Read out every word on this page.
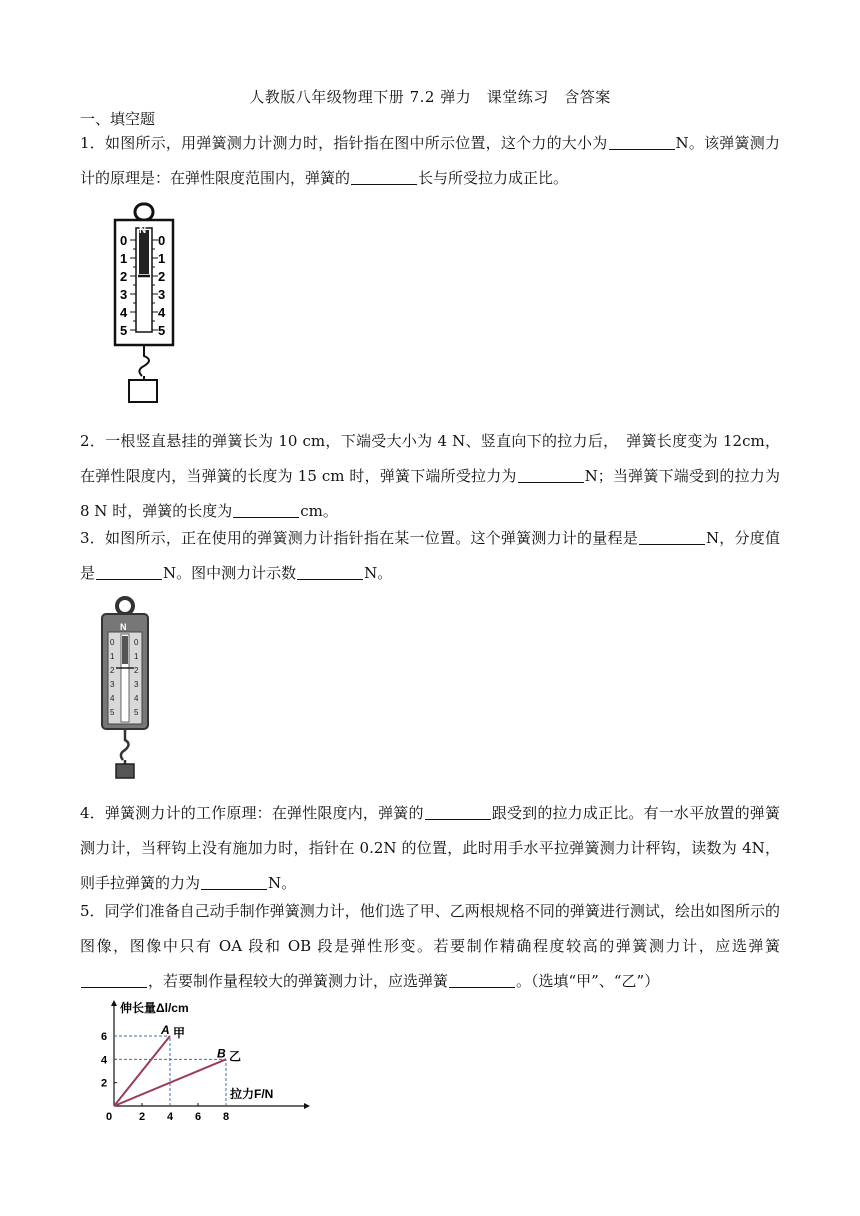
人教版八年级物理下册 7.2 弹力　课堂练习　含答案
一、填空题
1．如图所示，用弹簧测力计测力时，指针指在图中所示位置，这个力的大小为	N。该弹簧测力计的原理是：在弹性限度范围内，弹簧的	长与所受拉力成正比。
N
0
1
2
3
4
5
0
1
2
3
4
5
2．一根竖直悬挂的弹簧长为 10 cm，下端受大小为 4 N、竖直向下的拉力后，　弹簧长度变为 12cm，在弹性限度内，当弹簧的长度为 15 cm 时，弹簧下端所受拉力为	N；当弹簧下端受到的拉力为 8 N 时，弹簧的长度为	cm。
3．如图所示，正在使用的弹簧测力计指针指在某一位置。这个弹簧测力计的量程是	N，分度值是	N。图中测力计示数	N。
N
0
1
2
3
4
5
0
1
2
3
4
5
4．弹簧测力计的工作原理：在弹性限度内，弹簧的	跟受到的拉力成正比。有一水平放置的弹簧测力计，当秤钩上没有施加力时，指针在 0.2N 的位置，此时用手水平拉弹簧测力计秤钩，读数为 4N，则手拉弹簧的力为	N。
5．同学们准备自己动手制作弹簧测力计，他们选了甲、乙两根规格不同的弹簧进行测试，绘出如图所示的图像，图像中只有 OA 段和 OB 段是弹性形变。若要制作精确程度较高的弹簧测力计，应选弹簧，若要制作量程较大的弹簧测力计，应选弹簧	。（选填“甲”、“乙”）
伸长量Δl/cm
拉力F/N
0 2 4 6 8
2
4
6	A 甲
B 乙
